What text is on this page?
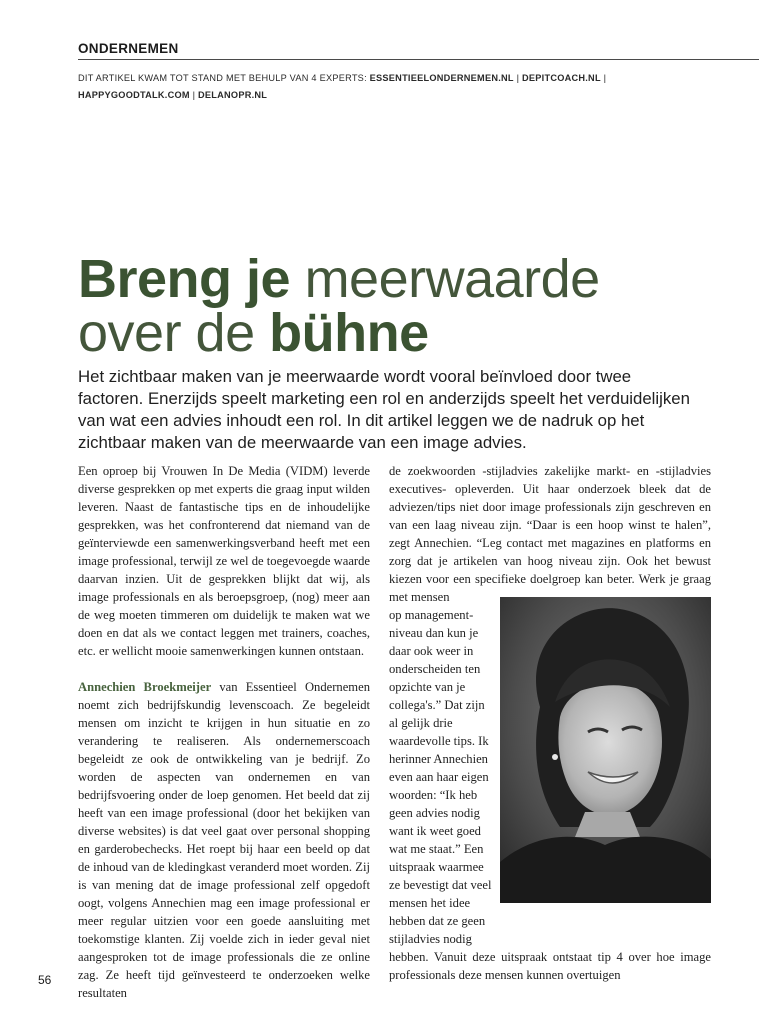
ONDERNEMEN
DIT ARTIKEL KWAM TOT STAND MET BEHULP VAN 4 EXPERTS: ESSENTIEELONDERNEMEN.NL | DEPITCOACH.NL |
HAPPYGOODTALK.COM | DELANOPR.NL
Breng je meerwaarde
over de bühne
Het zichtbaar maken van je meerwaarde wordt vooral beïnvloed door twee factoren. Enerzijds speelt marketing een rol en anderzijds speelt het verduidelijken van wat een advies inhoudt een rol. In dit artikel leggen we de nadruk op het zichtbaar maken van de meerwaarde van een image advies.

Een oproep bij Vrouwen In De Media (VIDM) leverde diverse gesprekken op met experts die graag input wilden leveren. Naast de fantastische tips en de inhoudelijke gesprekken, was het confronterend dat niemand van de geïnterviewde een samenwerkingsverband heeft met een image professional, terwijl ze wel de toegevoegde waarde daarvan inzien. Uit de gesprekken blijkt dat wij, als image professionals en als beroepsgroep, (nog) meer aan de weg moeten timmeren om duidelijk te maken wat we doen en dat als we contact leggen met trainers, coaches, etc. er wellicht mooie samenwerkingen kunnen ontstaan.

Annechien Broekmeijer van Essentieel Ondernemen noemt zich bedrijfskundig levenscoach. Ze begeleidt mensen om inzicht te krijgen in hun situatie en zo verandering te realiseren. Als ondernemerscoach begeleidt ze ook de ontwikkeling van je bedrijf. Zo worden de aspecten van ondernemen en van bedrijfsvoering onder de loep genomen. Het beeld dat zij heeft van een image professional (door het bekijken van diverse websites) is dat veel gaat over personal shopping en garderobechecks. Het roept bij haar een beeld op dat de inhoud van de kledingkast veranderd moet worden. Zij is van mening dat de image professional zelf opgedoft oogt, volgens Annechien mag een image professional er meer regular uitzien voor een goede aansluiting met toekomstige klanten. Zij voelde zich in ieder geval niet aangesproken tot de image professionals die ze online zag. Ze heeft tijd geïnvesteerd te onderzoeken welke resultaten

de zoekwoorden -stijladvies zakelijke markt- en -stijladvies executives- opleverden. Uit haar onderzoek bleek dat de adviezen/tips niet door image professionals zijn geschreven en van een laag niveau zijn. “Daar is een hoop winst te halen”, zegt Annechien. “Leg contact met magazines en platforms en zorg dat je artikelen van hoog niveau zijn. Ook het bewust kiezen voor een specifieke doelgroep kan beter. Werk je graag met mensen

op management-niveau dan kun je daar ook weer in onderscheiden ten opzichte van je collega's.” Dat zijn al gelijk drie waardevolle tips. Ik herinner Annechien even aan haar eigen woorden: “Ik heb geen advies nodig want ik weet goed wat me staat.” Een uitspraak waarmee ze bevestigt dat veel mensen het idee hebben dat ze geen stijladvies nodig

hebben. Vanuit deze uitspraak ontstaat tip 4 over hoe image professionals deze mensen kunnen overtuigen

56
